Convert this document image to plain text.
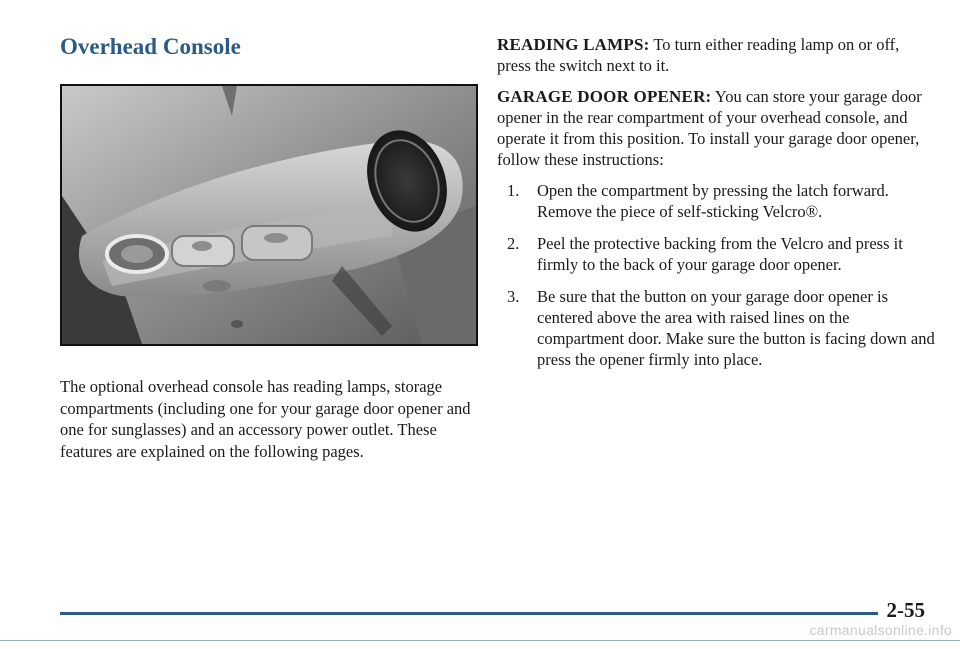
Overhead Console

The optional overhead console has reading lamps, storage compartments (including one for your garage door opener and one for sunglasses) and an accessory power outlet. These features are explained on the following pages.

READING LAMPS: To turn either reading lamp on or off, press the switch next to it.

GARAGE DOOR OPENER: You can store your garage door opener in the rear compartment of your overhead console, and operate it from this position. To install your garage door opener, follow these instructions:

1. Open the compartment by pressing the latch forward. Remove the piece of self-sticking Velcro®.
2. Peel the protective backing from the Velcro and press it firmly to the back of your garage door opener.
3. Be sure that the button on your garage door opener is centered above the area with raised lines on the compartment door. Make sure the button is facing down and press the opener firmly into place.
2-55
carmanualsonline.info
